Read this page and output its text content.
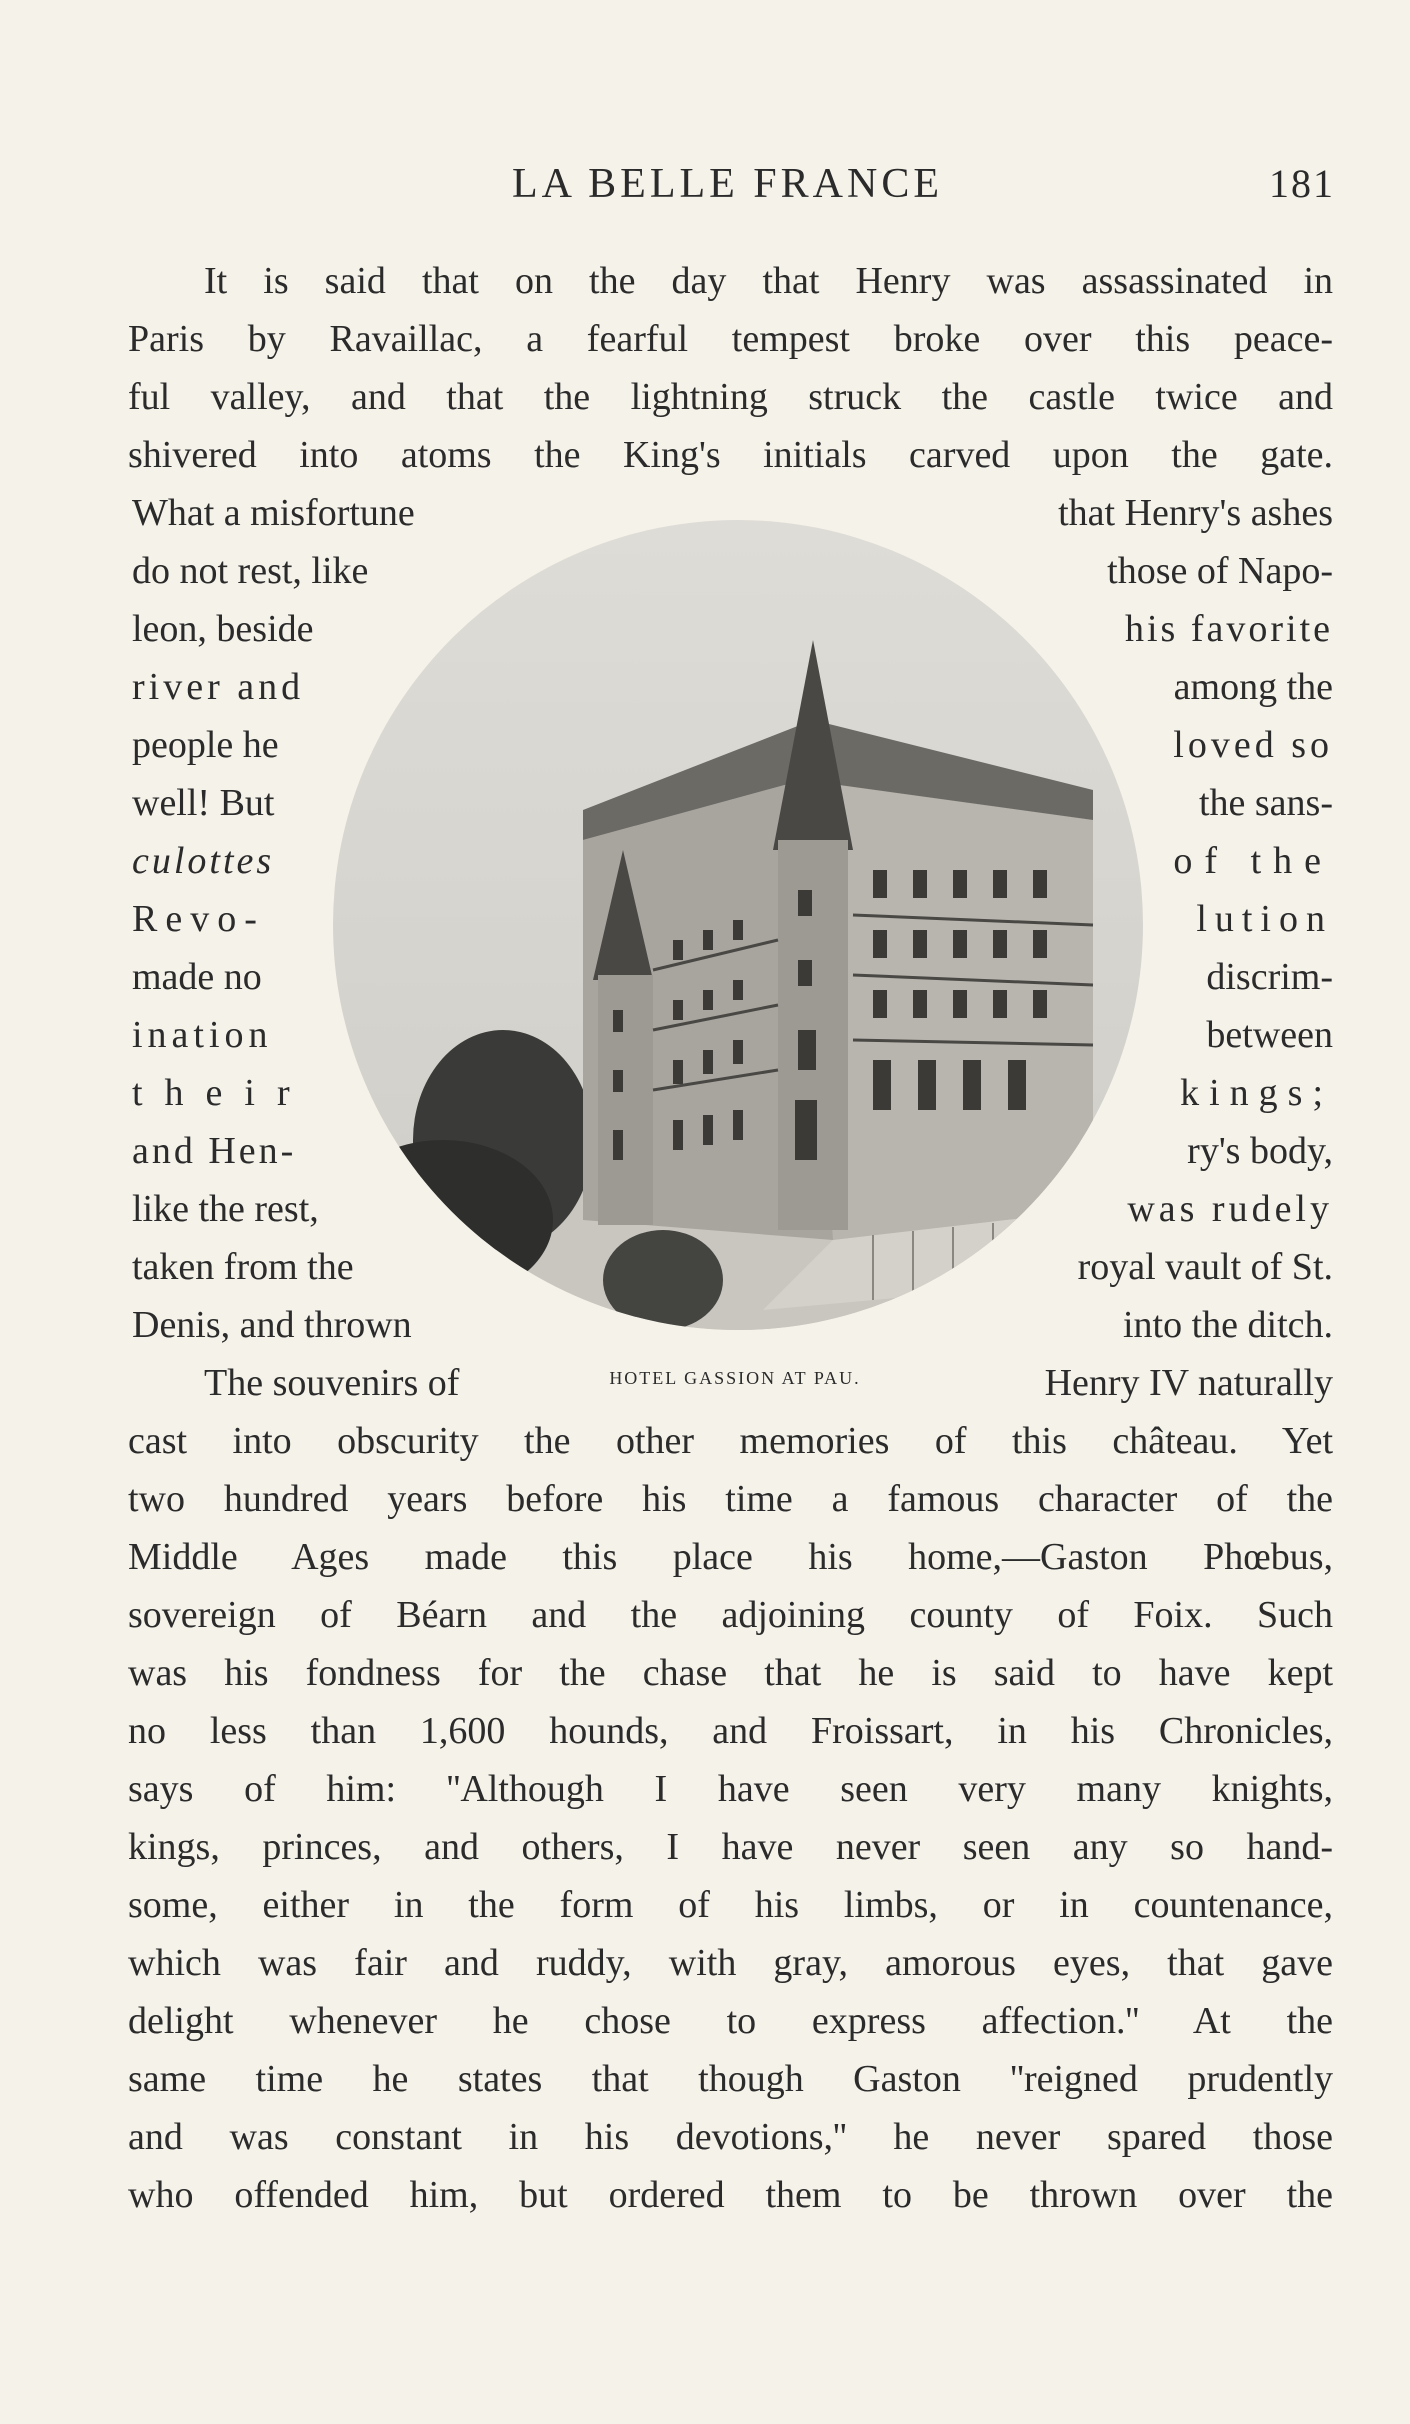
LA BELLE FRANCE	181
It is said that on the day that Henry was assassinated in
Paris by Ravaillac, a fearful tempest broke over this peace-
ful valley, and that the lightning struck the castle twice and
shivered into atoms the King's initials carved upon the gate.
What a misfortune
do not rest, like
leon, beside
river and
people he
well! But
culottes
Revo-
made no
ination
their
and Hen-
like the rest,
taken from the
Denis, and thrown
The souvenirs of
that Henry's ashes
those of Napo-
his favorite
among the
loved so
the sans-
of the
lution
discrim-
between
kings;
ry's body,
was rudely
royal vault of St.
into the ditch.
Henry IV naturally
HOTEL GASSION AT PAU.
cast into obscurity the other memories of this château. Yet
two hundred years before his time a famous character of the
Middle Ages made this place his home,—Gaston Phœbus,
sovereign of Béarn and the adjoining county of Foix. Such
was his fondness for the chase that he is said to have kept
no less than 1,600 hounds, and Froissart, in his Chronicles,
says of him: ''Although I have seen very many knights,
kings, princes, and others, I have never seen any so hand-
some, either in the form of his limbs, or in countenance,
which was fair and ruddy, with gray, amorous eyes, that gave
delight whenever he chose to express affection.'' At the
same time he states that though Gaston ''reigned prudently
and was constant in his devotions,'' he never spared those
who offended him, but ordered them to be thrown over the
